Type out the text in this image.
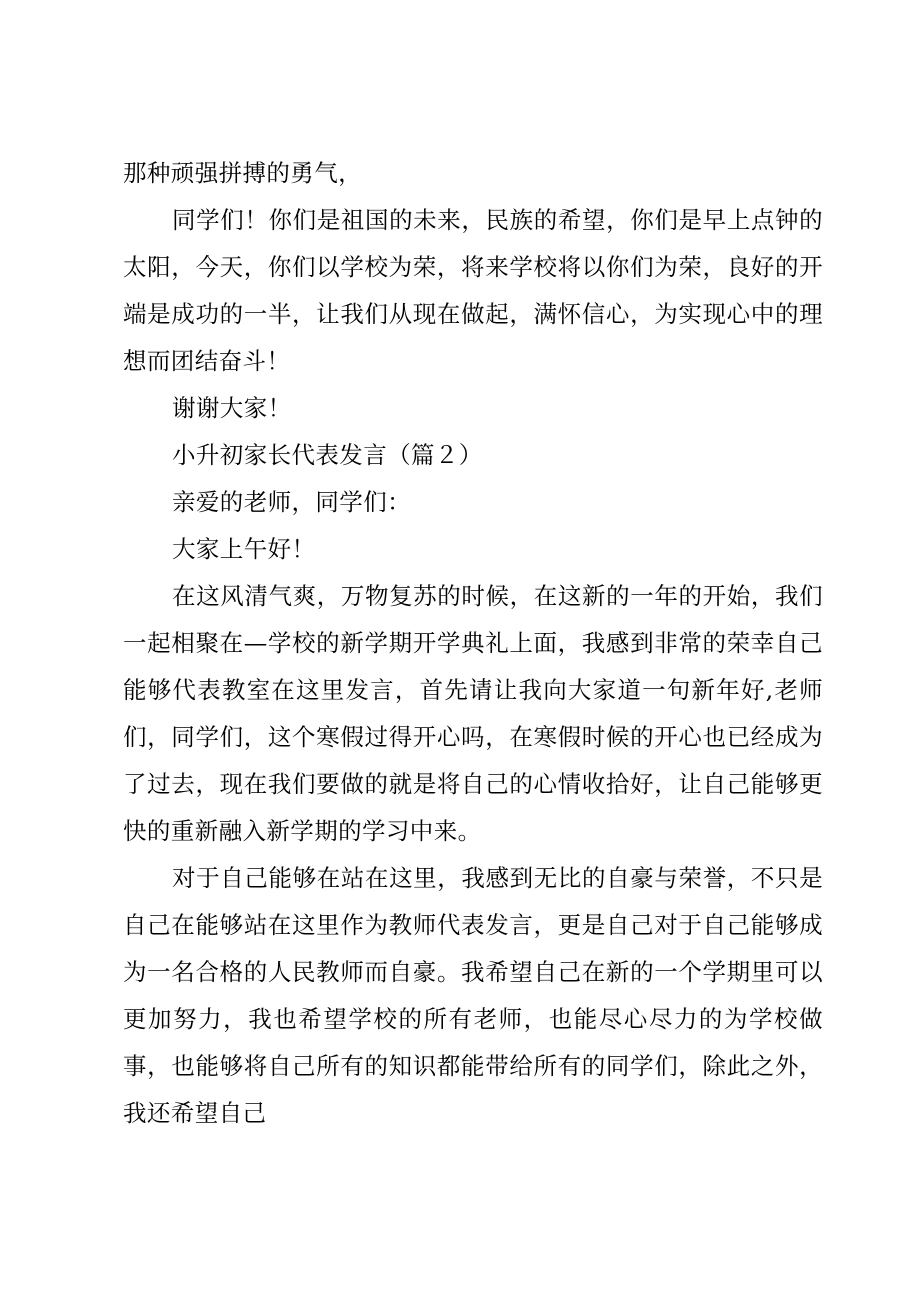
那种顽强拼搏的勇气，

同学们！你们是祖国的未来，民族的希望，你们是早上点钟的太阳，今天，你们以学校为荣，将来学校将以你们为荣，良好的开端是成功的一半，让我们从现在做起，满怀信心，为实现心中的理想而团结奋斗！

谢谢大家！

小升初家长代表发言（篇２）

亲爱的老师，同学们：

大家上午好！

在这风清气爽，万物复苏的时候，在这新的一年的开始，我们一起相聚在—学校的新学期开学典礼上面，我感到非常的荣幸自己能够代表教室在这里发言，首先请让我向大家道一句新年好,老师们，同学们，这个寒假过得开心吗，在寒假时候的开心也已经成为了过去，现在我们要做的就是将自己的心情收拾好，让自己能够更快的重新融入新学期的学习中来。

对于自己能够在站在这里，我感到无比的自豪与荣誉，不只是自己在能够站在这里作为教师代表发言，更是自己对于自己能够成为一名合格的人民教师而自豪。我希望自己在新的一个学期里可以更加努力，我也希望学校的所有老师，也能尽心尽力的为学校做事，也能够将自己所有的知识都能带给所有的同学们，除此之外，我还希望自己
